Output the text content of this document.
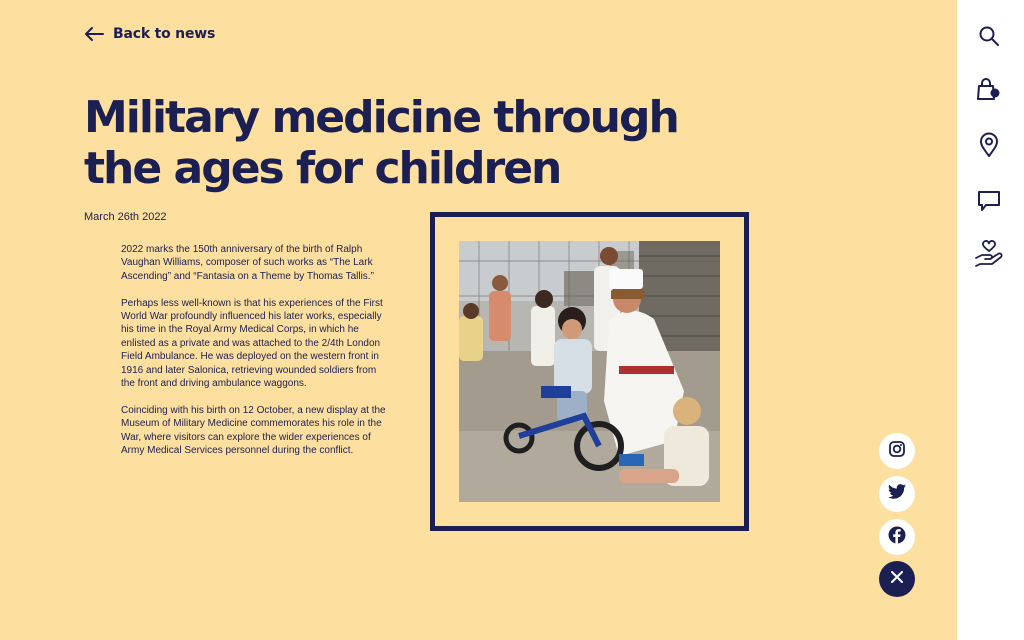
Back to news
Military medicine through the ages for children
March 26th 2022

2022 marks the 150th anniversary of the birth of Ralph Vaughan Williams, composer of such works as “The Lark Ascending” and “Fantasia on a Theme by Thomas Tallis.”

Perhaps less well-known is that his experiences of the First World War profoundly influenced his later works, especially his time in the Royal Army Medical Corps, in which he enlisted as a private and was attached to the 2/4th London Field Ambulance. He was deployed on the western front in 1916 and later Salonica, retrieving wounded soldiers from the front and driving ambulance waggons.

Coinciding with his birth on 12 October, a new display at the Museum of Military Medicine commemorates his role in the War, where visitors can explore the wider experiences of Army Medical Services personnel during the conflict.
